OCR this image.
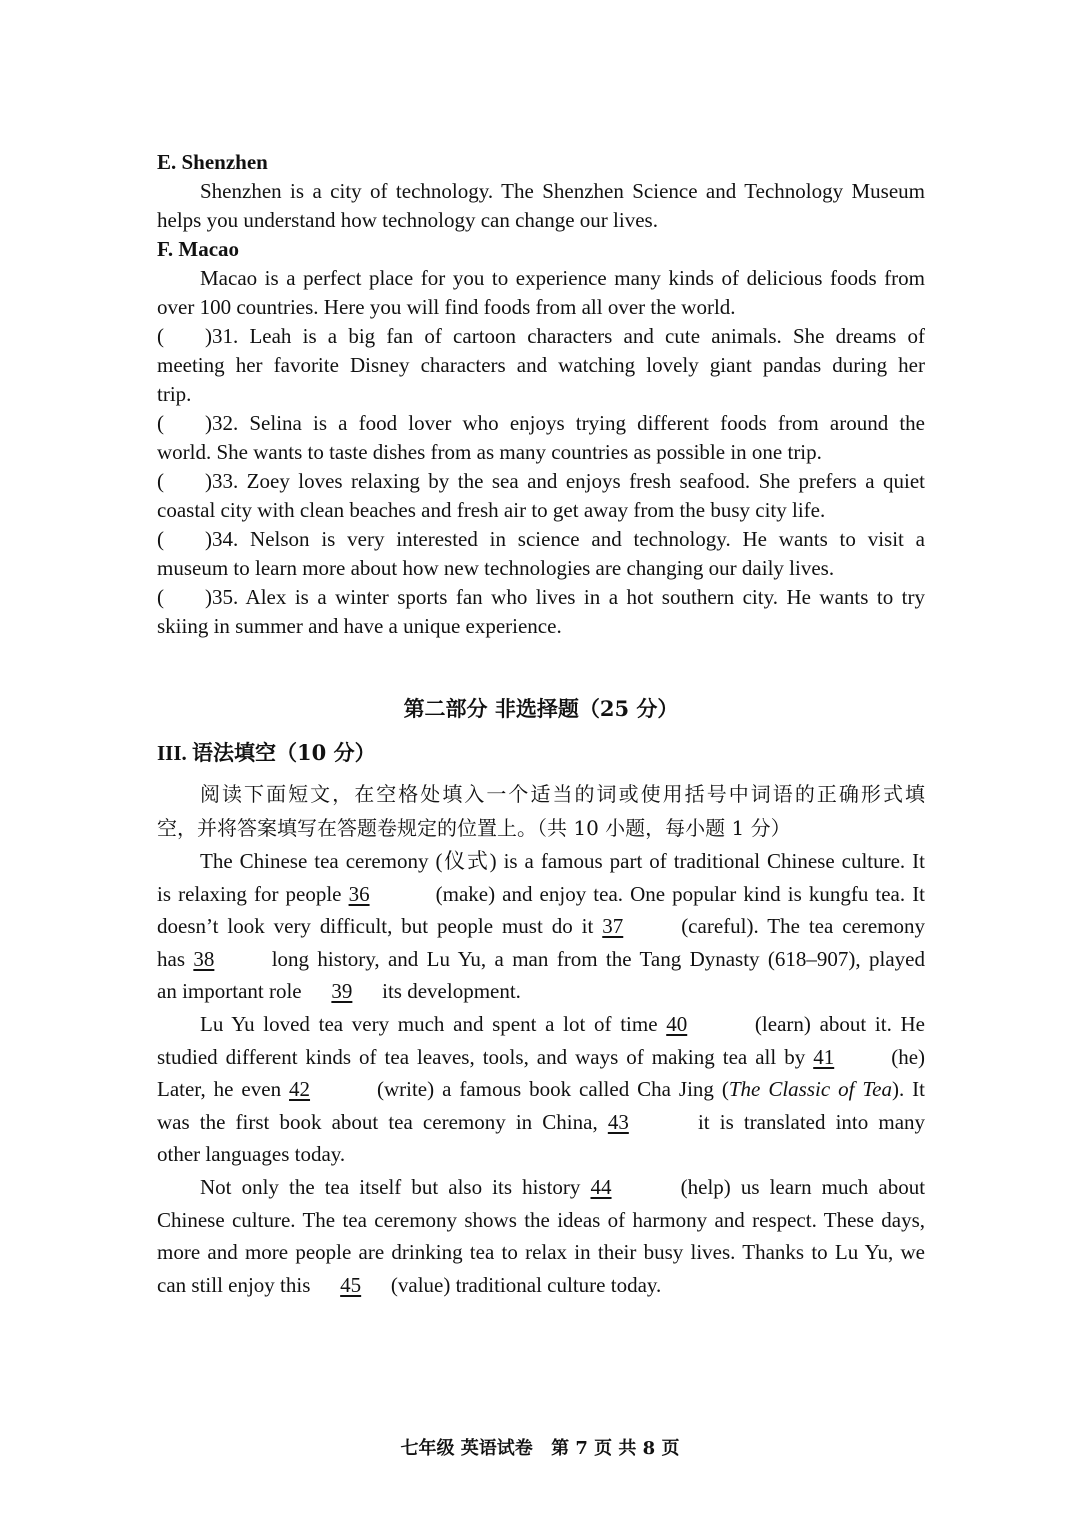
E. Shenzhen

Shenzhen is a city of technology. The Shenzhen Science and Technology Museum

helps you understand how technology can change our lives.

F. Macao

Macao is a perfect place for you to experience many kinds of delicious foods from

over 100 countries. Here you will find foods from all over the world.

( )31. Leah is a big fan of cartoon characters and cute animals. She dreams of

meeting her favorite Disney characters and watching lovely giant pandas during her

trip.

( )32. Selina is a food lover who enjoys trying different foods from around the

world. She wants to taste dishes from as many countries as possible in one trip.

( )33. Zoey loves relaxing by the sea and enjoys fresh seafood. She prefers a quiet

coastal city with clean beaches and fresh air to get away from the busy city life.

( )34. Nelson is very interested in science and technology. He wants to visit a

museum to learn more about how new technologies are changing our daily lives.

( )35. Alex is a winter sports fan who lives in a hot southern city. He wants to try

skiing in summer and have a unique experience.

第二部分 非选择题（25 分）

III. 语法填空（10 分）

阅读下面短文，在空格处填入一个适当的词或使用括号中词语的正确形式填

空，并将答案填写在答题卷规定的位置上。（共 10 小题，每小题 1 分）

The Chinese tea ceremony (仪式) is a famous part of traditional Chinese culture. It

is relaxing for people 36	(make) and enjoy tea. One popular kind is kungfu tea. It

doesn’t look very difficult, but people must do it 37	(careful). The tea ceremony

has 38	long history, and Lu Yu, a man from the Tang Dynasty (618–907), played

an important role 39 its development.

Lu Yu loved tea very much and spent a lot of time 40	(learn) about it. He

studied different kinds of tea leaves, tools, and ways of making tea all by 41	(he)

Later, he even 42	(write) a famous book called Cha Jing (The Classic of Tea). It

was the first book about tea ceremony in China, 43	it is translated into many

other languages today.

Not only the tea itself but also its history 44	(help) us learn much about

Chinese culture. The tea ceremony shows the ideas of harmony and respect. These days,

more and more people are drinking tea to relax in their busy lives. Thanks to Lu Yu, we

can still enjoy this 45 (value) traditional culture today.

七年级 英语试卷 第 7 页 共 8 页
